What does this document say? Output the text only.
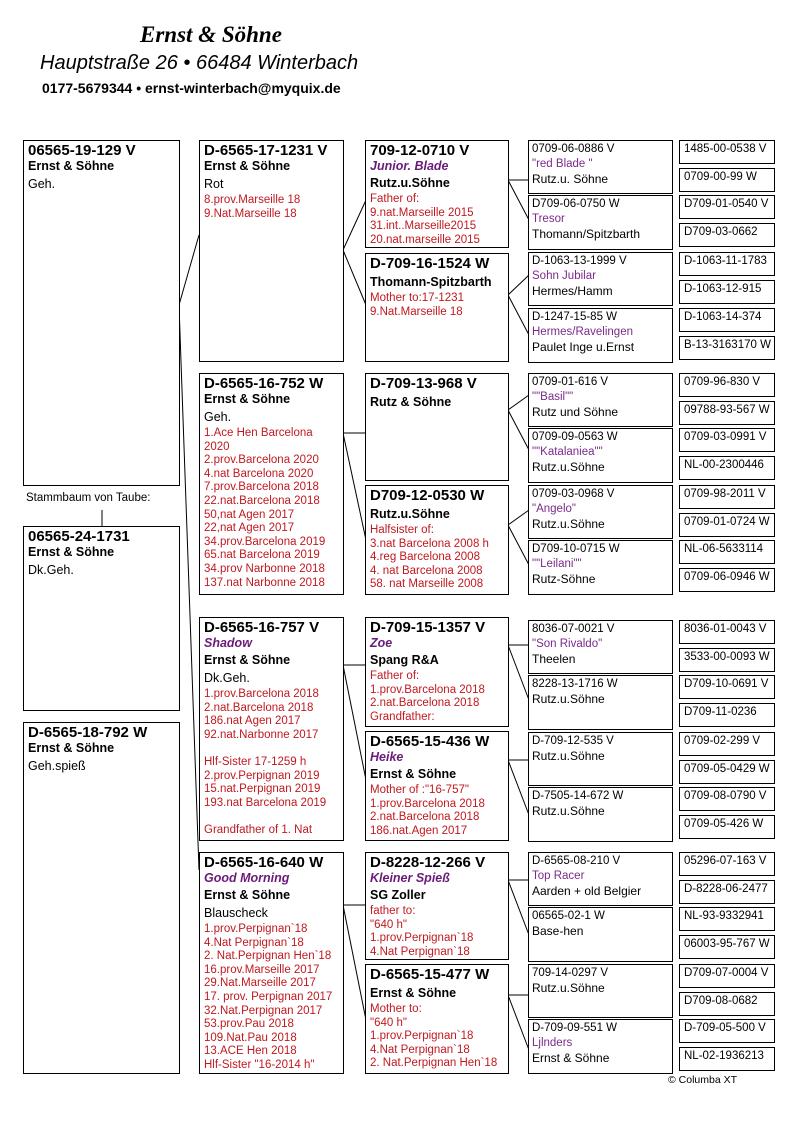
Ernst & Söhne
Hauptstraße 26 • 66484 Winterbach
0177-5679344 • ernst-winterbach@myquix.de
06565-19-129 V
Ernst & Söhne
Geh.
Stammbaum von Taube:
06565-24-1731
Ernst & Söhne
Dk.Geh.
D-6565-18-792 W
Ernst & Söhne
Geh.spieß
D-6565-17-1231 V
Ernst & Söhne
Rot
8.prov.Marseille 18
9.Nat.Marseille 18
D-6565-16-752 W
Ernst & Söhne
Geh.
1.Ace Hen Barcelona
2020
2.prov.Barcelona 2020
4.nat Barcelona 2020
7.prov.Barcelona 2018
22.nat.Barcelona 2018
50,nat Agen 2017
22,nat Agen 2017
34.prov.Barcelona 2019
65.nat Barcelona 2019
34.prov Narbonne 2018
137.nat Narbonne 2018
D-6565-16-757 V
Shadow
Ernst & Söhne
Dk.Geh.
1.prov.Barcelona 2018
2.nat.Barcelona 2018
186.nat Agen 2017
92.nat.Narbonne 2017
Hlf-Sister 17-1259 h
2.prov.Perpignan 2019
15.nat.Perpignan 2019
193.nat Barcelona 2019
Grandfather of 1. Nat
D-6565-16-640 W
Good Morning
Ernst & Söhne
Blauscheck
1.prov.Perpignan`18
4.Nat Perpignan`18
2. Nat.Perpignan Hen`18
16.prov.Marseille 2017
29.Nat.Marseille 2017
17. prov. Perpignan 2017
32.Nat.Perpignan 2017
53.prov.Pau 2018
109.Nat.Pau 2018
13.ACE Hen 2018
Hlf-Sister "16-2014 h"
709-12-0710 V
Junior. Blade
Rutz.u.Söhne
Father of:
9.nat.Marseille 2015
31.int..Marseille2015
20.nat.marseille 2015
D-709-16-1524 W
Thomann-Spitzbarth
Mother to:17-1231
9.Nat.Marseille 18
D-709-13-968 V
Rutz & Söhne
D709-12-0530 W
Rutz.u.Söhne
Halfsister of:
3.nat Barcelona 2008 h
4.reg Barcelona 2008
4. nat Barcelona 2008
58. nat Marseille 2008
D-709-15-1357 V
Zoe
Spang R&A
Father of:
1.prov.Barcelona 2018
2.nat.Barcelona 2018
Grandfather:
D-6565-15-436 W
Heike
Ernst & Söhne
Mother of :"16-757"
1.prov.Barcelona 2018
2.nat.Barcelona 2018
186.nat.Agen 2017
D-8228-12-266 V
Kleiner Spieß
SG Zoller
father to:
"640 h"
1.prov.Perpignan`18
4.Nat Perpignan`18
D-6565-15-477 W
Ernst & Söhne
Mother to:
"640 h"
1.prov.Perpignan`18
4.Nat Perpignan`18
2. Nat.Perpignan Hen`18
0709-06-0886 V
"red Blade "
Rutz.u. Söhne
D709-06-0750 W
Tresor
Thomann/Spitzbarth
D-1063-13-1999 V
Sohn Jubilar
Hermes/Hamm
D-1247-15-85 W
Hermes/Ravelingen
Paulet Inge u.Ernst
0709-01-616 V
""Basil""
Rutz und Söhne
0709-09-0563 W
""Katalaniea""
Rutz.u.Söhne
0709-03-0968 V
"Angelo"
Rutz.u.Söhne
D709-10-0715 W
""Leilani""
Rutz-Söhne
8036-07-0021 V
"Son Rivaldo"
Theelen
8228-13-1716 W
Rutz.u.Söhne
D-709-12-535 V
Rutz.u.Söhne
D-7505-14-672 W
Rutz.u.Söhne
D-6565-08-210 V
Top Racer
Aarden + old Belgier
06565-02-1 W
Base-hen
709-14-0297 V
Rutz.u.Söhne
D-709-09-551 W
Ljlnders
Ernst & Söhne
1485-00-0538 V
0709-00-99 W
D709-01-0540 V
D709-03-0662
D-1063-11-1783
D-1063-12-915
D-1063-14-374
B-13-3163170 W
0709-96-830 V
09788-93-567 W
0709-03-0991 V
NL-00-2300446
0709-98-2011 V
0709-01-0724 W
NL-06-5633114
0709-06-0946 W
8036-01-0043 V
3533-00-0093 W
D709-10-0691 V
D709-11-0236
0709-02-299 V
0709-05-0429 W
0709-08-0790 V
0709-05-426 W
05296-07-163 V
D-8228-06-2477
NL-93-9332941
06003-95-767 W
D709-07-0004 V
D709-08-0682
D-709-05-500 V
NL-02-1936213
© Columba XT
